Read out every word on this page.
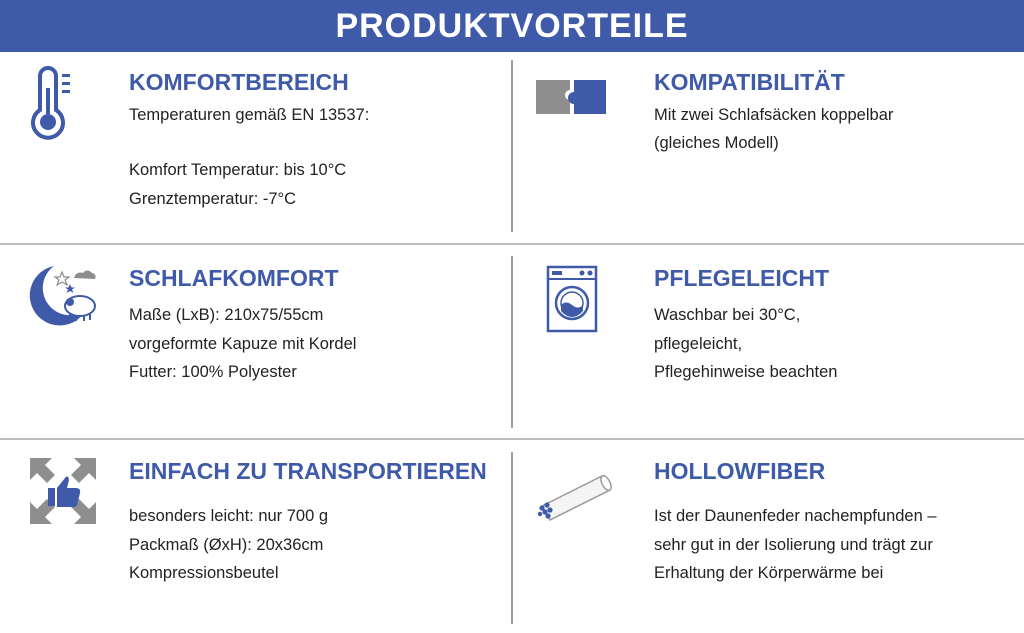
PRODUKTVORTEILE
KOMFORTBEREICH
Temperaturen gemäß EN 13537:
Komfort Temperatur: bis 10°C
Grenztemperatur: -7°C
KOMPATIBILITÄT
Mit zwei Schlafsäcken koppelbar
(gleiches Modell)
SCHLAFKOMFORT
Maße (LxB): 210x75/55cm
vorgeformte Kapuze mit Kordel
Futter: 100% Polyester
PFLEGELEICHT
Waschbar bei 30°C,
pflegeleicht,
Pflegehinweise beachten
EINFACH ZU TRANSPORTIEREN
besonders leicht: nur 700 g
Packmaß (ØxH): 20x36cm
Kompressionsbeutel
HOLLOWFIBER
Ist der Daunenfeder nachempfunden –
sehr gut in der Isolierung und trägt zur
Erhaltung der Körperwärme bei
